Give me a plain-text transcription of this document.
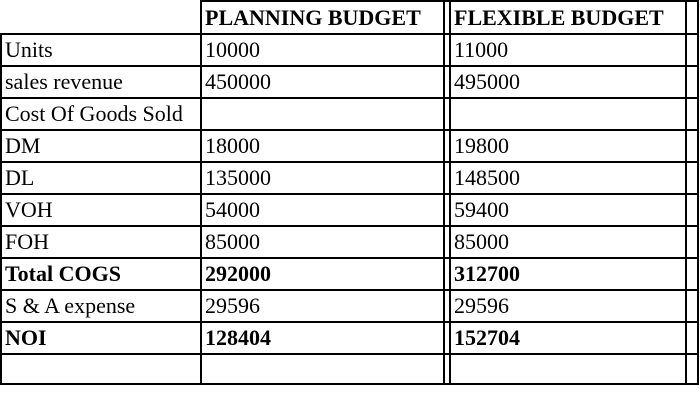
	PLANNING BUDGET		FLEXIBLE BUDGET	
Units	10000		11000	
sales revenue	450000		495000	
Cost Of Goods Sold				
DM	18000		19800	
DL	135000		148500	
VOH	54000		59400	
FOH	85000		85000	
Total COGS	292000		312700	
S & A expense	29596		29596	
NOI	128404		152704	
